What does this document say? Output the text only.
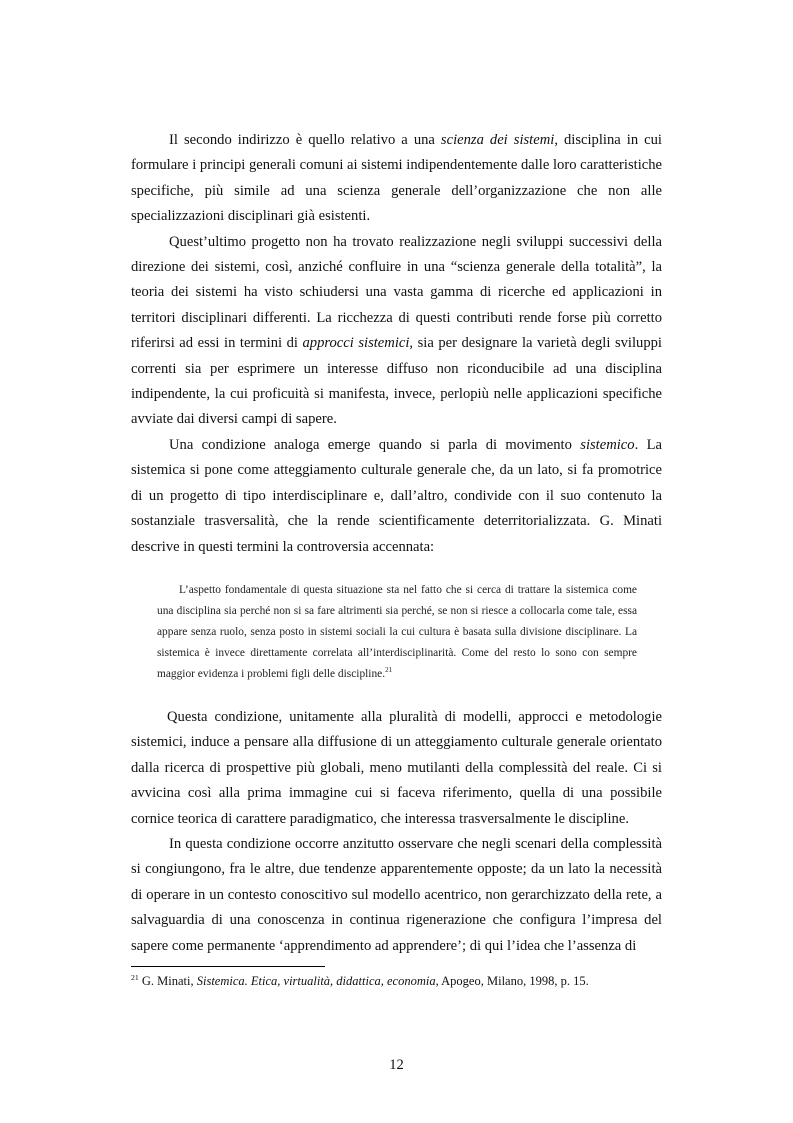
Il secondo indirizzo è quello relativo a una scienza dei sistemi, disciplina in cui formulare i principi generali comuni ai sistemi indipendentemente dalle loro caratteristiche specifiche, più simile ad una scienza generale dell’organizzazione che non alle specializzazioni disciplinari già esistenti.

Quest’ultimo progetto non ha trovato realizzazione negli sviluppi successivi della direzione dei sistemi, così, anziché confluire in una “scienza generale della totalità”, la teoria dei sistemi ha visto schiudersi una vasta gamma di ricerche ed applicazioni in territori disciplinari differenti. La ricchezza di questi contributi rende forse più corretto riferirsi ad essi in termini di approcci sistemici, sia per designare la varietà degli sviluppi correnti sia per esprimere un interesse diffuso non riconducibile ad una disciplina indipendente, la cui proficuità si manifesta, invece, perlopiù nelle applicazioni specifiche avviate dai diversi campi di sapere.

Una condizione analoga emerge quando si parla di movimento sistemico. La sistemica si pone come atteggiamento culturale generale che, da un lato, si fa promotrice di un progetto di tipo interdisciplinare e, dall’altro, condivide con il suo contenuto la sostanziale trasversalità, che la rende scientificamente deterritorializzata. G. Minati descrive in questi termini la controversia accennata:

L’aspetto fondamentale di questa situazione sta nel fatto che si cerca di trattare la sistemica come una disciplina sia perché non si sa fare altrimenti sia perché, se non si riesce a collocarla come tale, essa appare senza ruolo, senza posto in sistemi sociali la cui cultura è basata sulla divisione disciplinare. La sistemica è invece direttamente correlata all’interdisciplinarità. Come del resto lo sono con sempre maggior evidenza i problemi figli delle discipline.$^{21}$

Questa condizione, unitamente alla pluralità di modelli, approcci e metodologie sistemici, induce a pensare alla diffusione di un atteggiamento culturale generale orientato dalla ricerca di prospettive più globali, meno mutilanti della complessità del reale. Ci si avvicina così alla prima immagine cui si faceva riferimento, quella di una possibile cornice teorica di carattere paradigmatico, che interessa trasversalmente le discipline.

In questa condizione occorre anzitutto osservare che negli scenari della complessità si congiungono, fra le altre, due tendenze apparentemente opposte; da un lato la necessità di operare in un contesto conoscitivo sul modello acentrico, non gerarchizzato della rete, a salvaguardia di una conoscenza in continua rigenerazione che configura l’impresa del sapere come permanente ‘apprendimento ad apprendere’; di qui l’idea che l’assenza di

$^{21}$ G. Minati, Sistemica. Etica, virtualità, didattica, economia, Apogeo, Milano, 1998, p. 15.
12
